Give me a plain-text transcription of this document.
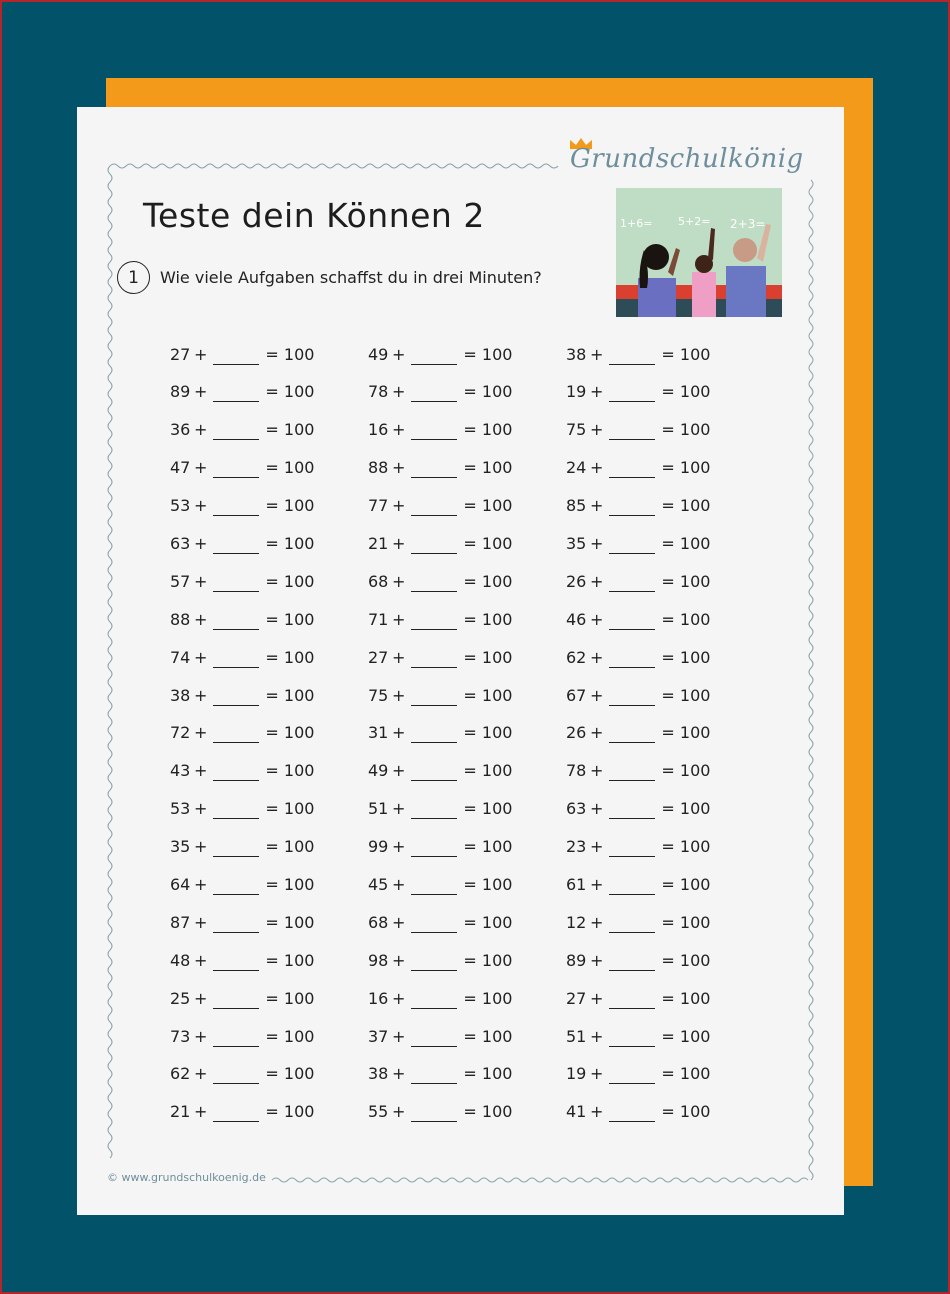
Grundschulkönig
Teste dein Können 2
1 Wie viele Aufgaben schaffst du in drei Minuten?
1+6= 5+2= 2+3=
27 +	= 100	49 +	= 100	38 +	= 100
89 +	= 100	78 +	= 100	19 +	= 100
36 +	= 100	16 +	= 100	75 +	= 100
47 +	= 100	88 +	= 100	24 +	= 100
53 +	= 100	77 +	= 100	85 +	= 100
63 +	= 100	21 +	= 100	35 +	= 100
57 +	= 100	68 +	= 100	26 +	= 100
88 +	= 100	71 +	= 100	46 +	= 100
74 +	= 100	27 +	= 100	62 +	= 100
38 +	= 100	75 +	= 100	67 +	= 100
72 +	= 100	31 +	= 100	26 +	= 100
43 +	= 100	49 +	= 100	78 +	= 100
53 +	= 100	51 +	= 100	63 +	= 100
35 +	= 100	99 +	= 100	23 +	= 100
64 +	= 100	45 +	= 100	61 +	= 100
87 +	= 100	68 +	= 100	12 +	= 100
48 +	= 100	98 +	= 100	89 +	= 100
25 +	= 100	16 +	= 100	27 +	= 100
73 +	= 100	37 +	= 100	51 +	= 100
62 +	= 100	38 +	= 100	19 +	= 100
21 +	= 100	55 +	= 100	41 +	= 100
© www.grundschulkoenig.de
